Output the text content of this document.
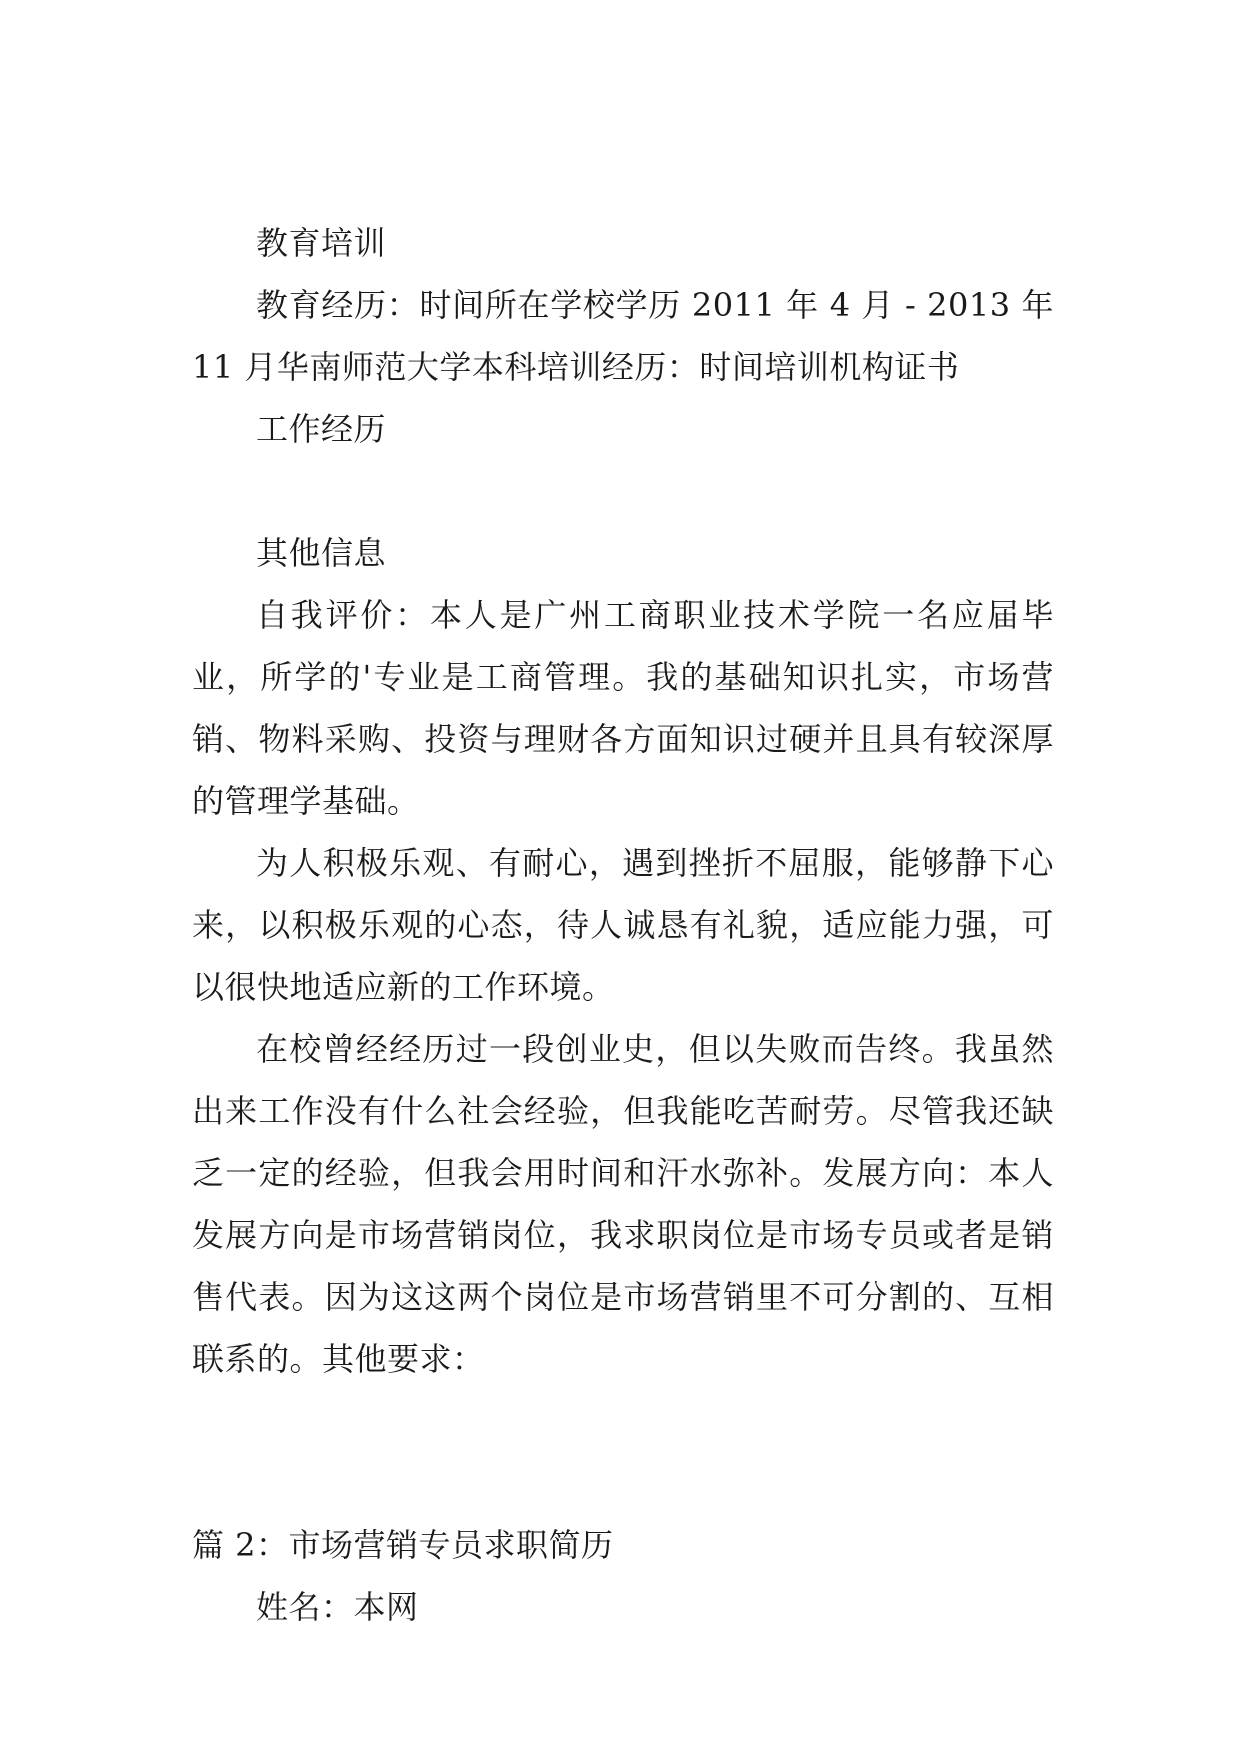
教育培训

教育经历：时间所在学校学历 2011 年 4 月 - 2013 年 11 月华南师范大学本科培训经历：时间培训机构证书

工作经历

其他信息

自我评价：本人是广州工商职业技术学院一名应届毕业，所学的'专业是工商管理。我的基础知识扎实，市场营销、物料采购、投资与理财各方面知识过硬并且具有较深厚的管理学基础。

为人积极乐观、有耐心，遇到挫折不屈服，能够静下心来，以积极乐观的心态，待人诚恳有礼貌，适应能力强，可以很快地适应新的工作环境。

在校曾经经历过一段创业史，但以失败而告终。我虽然出来工作没有什么社会经验，但我能吃苦耐劳。尽管我还缺乏一定的经验，但我会用时间和汗水弥补。发展方向：本人发展方向是市场营销岗位，我求职岗位是市场专员或者是销售代表。因为这这两个岗位是市场营销里不可分割的、互相联系的。其他要求：

篇 2：市场营销专员求职简历

姓名：本网
